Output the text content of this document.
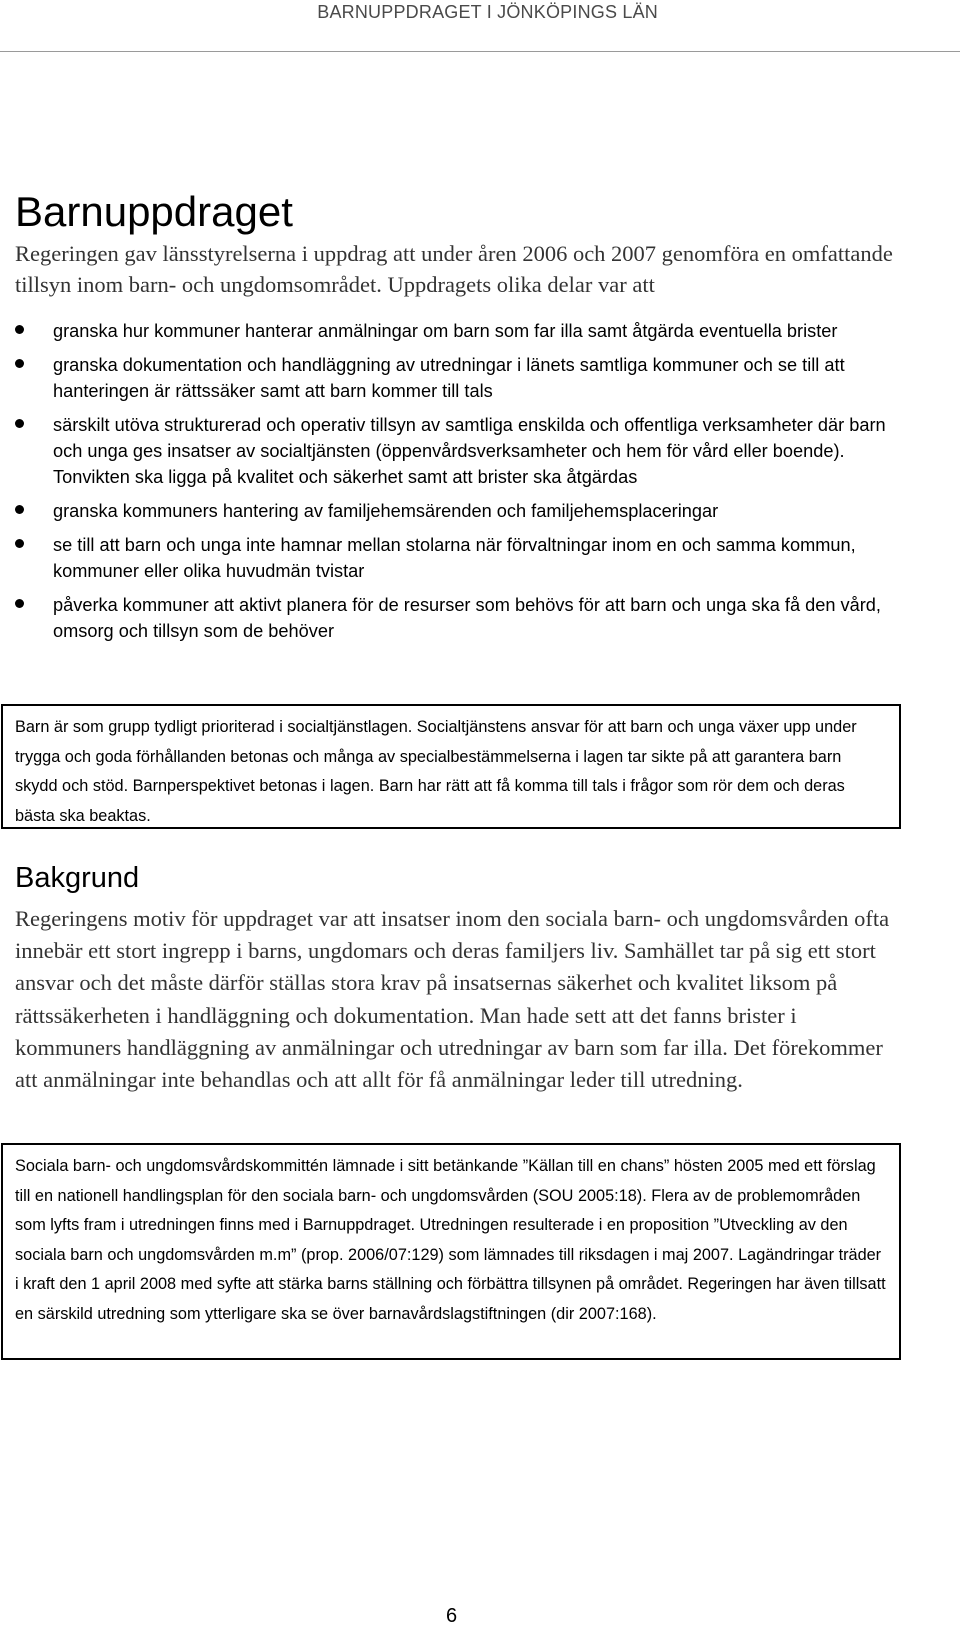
BARNUPPDRAGET I JÖNKÖPINGS LÄN
Barnuppdraget

Regeringen gav länsstyrelserna i uppdrag att under åren 2006 och 2007 genomföra en omfattande tillsyn inom barn- och ungdomsområdet. Uppdragets olika delar var att

granska hur kommuner hanterar anmälningar om barn som far illa samt åtgärda eventuella brister
granska dokumentation och handläggning av utredningar i länets samtliga kommuner och se till att hanteringen är rättssäker samt att barn kommer till tals
särskilt utöva strukturerad och operativ tillsyn av samtliga enskilda och offentliga verksamheter där barn och unga ges insatser av socialtjänsten (öppenvårdsverksamheter och hem för vård eller boende). Tonvikten ska ligga på kvalitet och säkerhet samt att brister ska åtgärdas
granska kommuners hantering av familjehemsärenden och familjehemsplaceringar
se till att barn och unga inte hamnar mellan stolarna när förvaltningar inom en och samma kommun, kommuner eller olika huvudmän tvistar
påverka kommuner att aktivt planera för de resurser som behövs för att barn och unga ska få den vård, omsorg och tillsyn som de behöver
Barn är som grupp tydligt prioriterad i socialtjänstlagen. Socialtjänstens ansvar för att barn och unga växer upp under trygga och goda förhållanden betonas och många av specialbestämmelserna i lagen tar sikte på att garantera barn skydd och stöd. Barnperspektivet betonas i lagen. Barn har rätt att få komma till tals i frågor som rör dem och deras bästa ska beaktas.
Bakgrund

Regeringens motiv för uppdraget var att insatser inom den sociala barn- och ungdomsvården ofta innebär ett stort ingrepp i barns, ungdomars och deras familjers liv. Samhället tar på sig ett stort ansvar och det måste därför ställas stora krav på insatsernas säkerhet och kvalitet liksom på rättssäkerheten i handläggning och dokumentation. Man hade sett att det fanns brister i kommuners handläggning av anmälningar och utredningar av barn som far illa. Det förekommer att anmälningar inte behandlas och att allt för få anmälningar leder till utredning.

Sociala barn- och ungdomsvårdskommittén lämnade i sitt betänkande ”Källan till en chans” hösten 2005 med ett förslag till en nationell handlingsplan för den sociala barn- och ungdomsvården (SOU 2005:18). Flera av de problemområden som lyfts fram i utredningen finns med i Barnuppdraget. Utredningen resulterade i en proposition ”Utveckling av den sociala barn och ungdomsvården m.m” (prop. 2006/07:129) som lämnades till riksdagen i maj 2007. Lagändringar träder i kraft den 1 april 2008 med syfte att stärka barns ställning och förbättra tillsynen på området. Regeringen har även tillsatt en särskild utredning som ytterligare ska se över barnavårdslagstiftningen (dir 2007:168).
6
